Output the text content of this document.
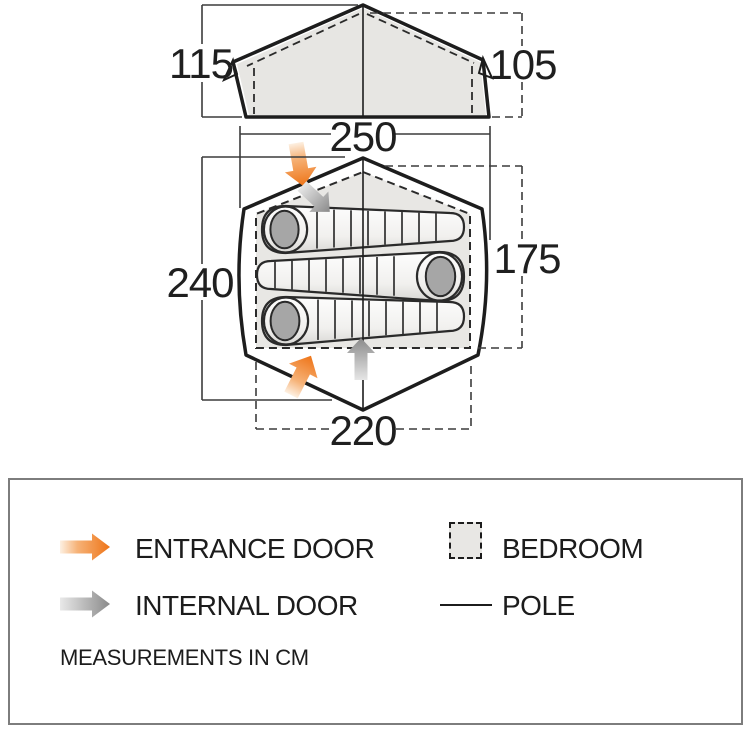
115	105
250
240
175
220
ENTRANCE DOOR
INTERNAL DOOR
BEDROOM
POLE
MEASUREMENTS IN CM
